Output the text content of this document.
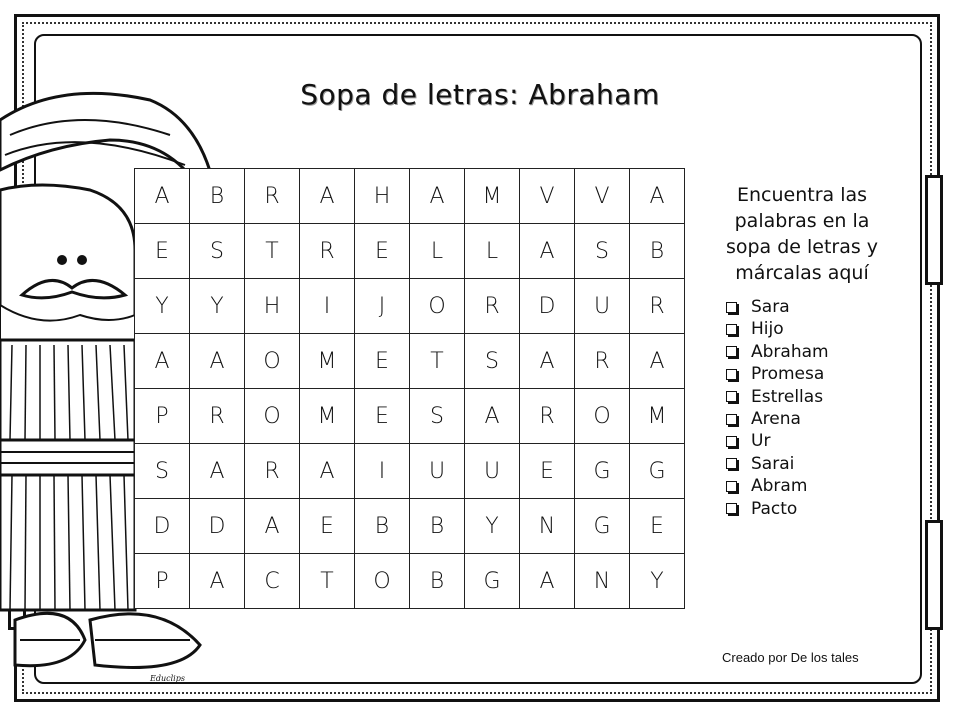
Sopa de letras: Abraham
A	B	R	A	H	A	M	V	V	A
E	S	T	R	E	L	L	A	S	B
Y	Y	H	I	J	O	R	D	U	R
A	A	O	M	E	T	S	A	R	A
P	R	O	M	E	S	A	R	O	M
S	A	R	A	I	U	U	E	G	G
D	D	A	E	B	B	Y	N	G	E
P	A	C	T	O	B	G	A	N	Y
Encuentra las
palabras en la
sopa de letras y
márcalas aquí
Sara
Hijo
Abraham
Promesa
Estrellas
Arena
Ur
Sarai
Abram
Pacto
Creado por De los tales
Educlips
